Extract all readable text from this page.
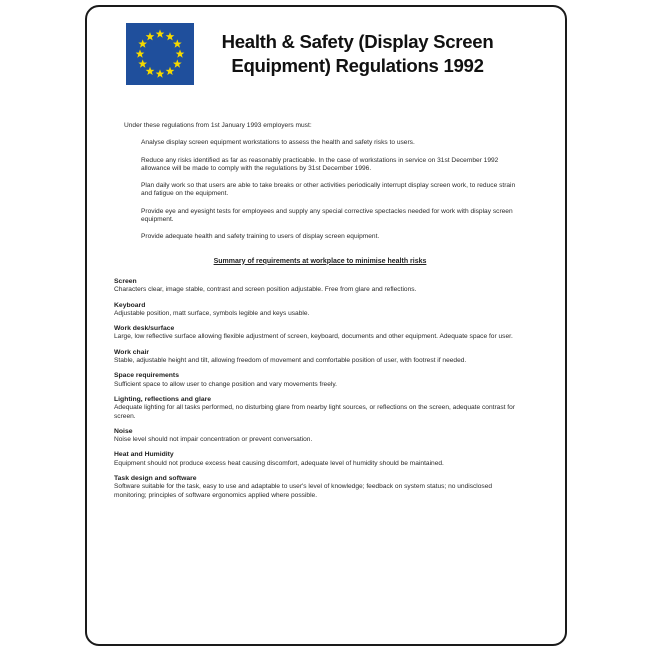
Health & Safety (Display Screen Equipment) Regulations 1992
Under these regulations from 1st January 1993 employers must:
Analyse display screen equipment workstations to assess the health and safety risks to users.
Reduce any risks identified as far as reasonably practicable. In the case of workstations in service on 31st December 1992 allowance will be made to comply with the regulations by 31st December 1996.
Plan daily work so that users are able to take breaks or other activities periodically interrupt display screen work, to reduce strain and fatigue on the equipment.
Provide eye and eyesight tests for employees and supply any special corrective spectacles needed for work with display screen equipment.
Provide adequate health and safety training to users of display screen equipment.
Summary of requirements at workplace to minimise health risks
Screen
Characters clear, image stable, contrast and screen position adjustable. Free from glare and reflections.
Keyboard
Adjustable position, matt surface, symbols legible and keys usable.
Work desk/surface
Large, low reflective surface allowing flexible adjustment of screen, keyboard, documents and other equipment. Adequate space for user.
Work chair
Stable, adjustable height and tilt, allowing freedom of movement and comfortable position of user, with footrest if needed.
Space requirements
Sufficient space to allow user to change position and vary movements freely.
Lighting, reflections and glare
Adequate lighting for all tasks performed, no disturbing glare from nearby light sources, or reflections on the screen, adequate contrast for screen.
Noise
Noise level should not impair concentration or prevent conversation.
Heat and Humidity
Equipment should not produce excess heat causing discomfort, adequate level of humidity should be maintained.
Task design and software
Software suitable for the task, easy to use and adaptable to user's level of knowledge; feedback on system status; no undisclosed monitoring; principles of software ergonomics applied where possible.
